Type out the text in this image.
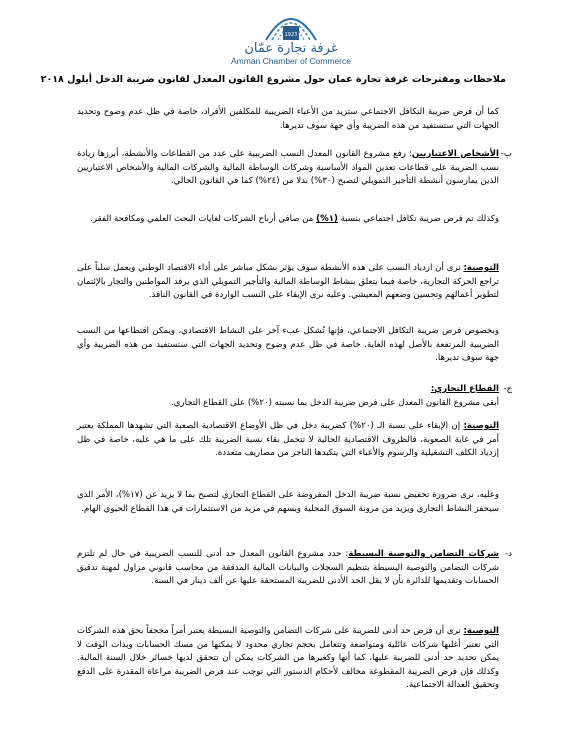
1923
غرفة تجارة عمّان
Amman Chamber of Commerce
ملاحظات ومقترحات غرفة تجارة عمان حول مشروع القانون المعدل لقانون ضريبة الدخل أيلول ٢٠١٨
كما أن فرض ضريبة التكافل الاجتماعي ستزيد من الأعباء الضريبية للمكلفين الأفراد، خاصة في ظل عدم وضوح وتحديد الجهات التي ستستفيد من هذه الضريبة وأي جهة سوف تديرها.
ب-
الأشخاص الاعتباريين: رفع مشروع القانون المعدل النسب الضريبية على عدد من القطاعات والأنشطة، أبرزها زيادة نسب الضريبة على قطاعات تعدين المواد الأساسية وشركات الوساطة المالية والشركات المالية والأشخاص الاعتباريين الذين يمارسون أنشطة التأجير التمويلي لتصبح (٣٠%) بدلا من (٢٤%) كما في القانون الحالي.
وكذلك تم فرض ضريبة تكافل اجتماعي بنسبة (١%) من صافي أرباح الشركات لغايات البحث العلمي ومكافحة الفقر.
التوصية: نرى أن ازدياد النسب على هذه الأنشطة سوف يؤثر بشكل مباشر على أداء الاقتصاد الوطني ويعمل سلباً على تراجع الحركة التجارية، خاصة فيما يتعلق بنشاط الوساطة المالية والتأجير التمويلي الذي يرفد المواطنين والتجار بالإئتمان لتطوير أعمالهم وتحسين وضعهم المعيشي. وعليه نرى الإبقاء على النسب الواردة في القانون النافذ.
وبخصوص فرض ضريبة التكافل الاجتماعي، فإنها تُشكل عبء آخر على النشاط الاقتصادي، ويمكن اقتطاعها من النسب الضريبية المرتفعة بالأصل لهذه الغاية. خاصة في ظل عدم وضوح وتحديد الجهات التي ستستفيد من هذه الضريبة وأي جهة سوف تديرها.
ج-
القطاع التجاري:
أبقى مشروع القانون المعدل على فرض ضريبة الدخل بما نسبته (٢٠%) على القطاع التجاري.
التوصية: إن الإبقاء على نسبة الـ (٢٠%) كضريبة دخل في ظل الأوضاع الاقتصادية الصعبة التي تشهدها المملكة يعتبر أمر في غاية الصعوبة، فالظروف الاقتصادية الحالية لا تتحمل بقاء نسبة الضريبة تلك على ما هي عليه، خاصة في ظل إزدياد الكلف التشغيلية والرسوم والأعباء التي يتكبدها التاجر من مصاريف متعددة.
وعليه، نرى ضرورة تخفيض نسبة ضريبة الدخل المفروضة على القطاع التجاري لتصبح بما لا يزيد عن (١٧%)، الأمر الذي سيحفز النشاط التجاري ويزيد من مرونة السوق المحلية ويسهم في مزيد من الاستثمارات في هذا القطاع الحيوي الهام.
د-
شركات التضامن والتوصية البسيطة: حدد مشروع القانون المعدل حد أدنى للنسب الضريبية في حال لم تلتزم شركات التضامن والتوصية البسيطة بتنظيم السجلات والبيانات المالية المدققة من محاسب قانوني مزاول لمهنة تدقيق الحسابات وتقديمها للدائرة بأن لا يقل الحد الأدنى للضريبة المستحقة عليها عن ألف دينار في السنة.
التوصية: نرى أن فرض حد أدنى للضريبة على شركات التضامن والتوصية البسيطة يعتبر أمراً مجحفاً بحق هذه الشركات التي تعتبر أغلبها شركات عائلية ومتواضعة وتتعامل بحجم تجاري محدود لا يمكنها من مسك الحسابات وبذات الوقت لا يمكن تحديد حد أدنى للضريبة عليها، كما أنها وكغيرها من الشركات يمكن أن تتحقق لديها خسائر خلال السنة المالية. وكذلك فإن فرض الضريبة المقطوعة مخالف لأحكام الدستور التي توجب عند فرض الضريبة مراعاة المقدرة على الدفع وتحقيق العدالة الاجتماعية.
